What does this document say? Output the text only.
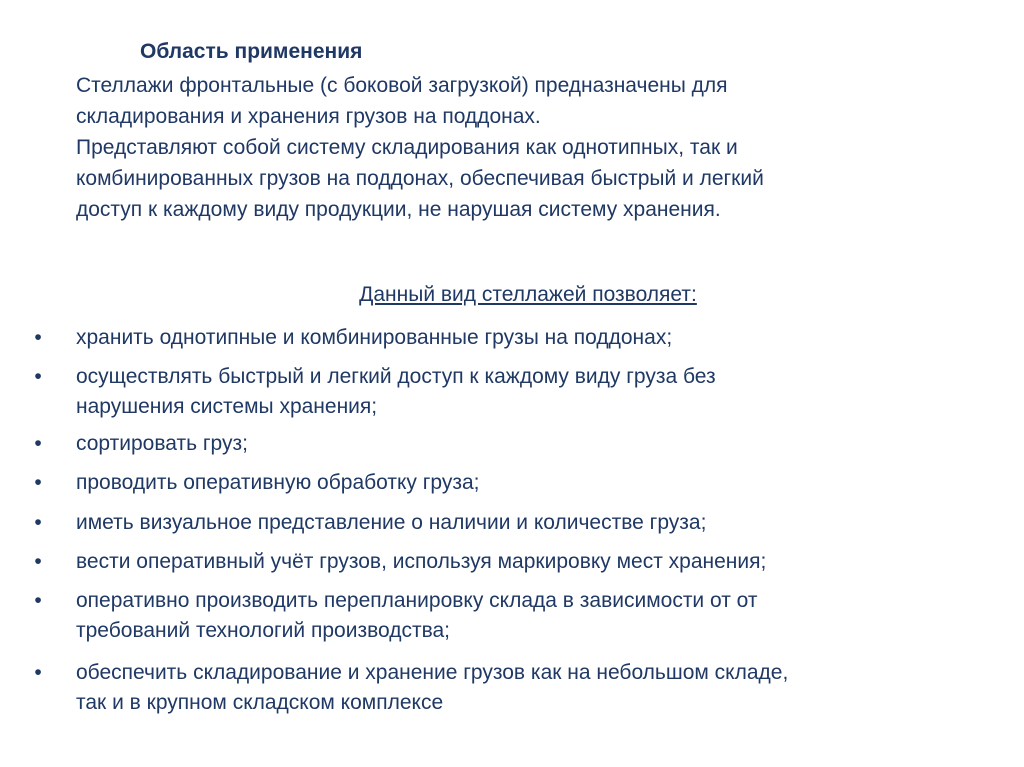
Область применения
Стеллажи фронтальные (с боковой загрузкой) предназначены для
складирования и хранения грузов на поддонах.
Представляют собой систему складирования как однотипных, так и
комбинированных грузов на поддонах, обеспечивая быстрый и легкий
доступ к каждому виду продукции, не нарушая систему хранения.
Данный вид стеллажей позволяет:
• хранить однотипные и комбинированные грузы на поддонах;
• осуществлять быстрый и легкий доступ к каждому виду груза без
нарушения системы хранения;
• сортировать груз;
• проводить оперативную обработку груза;
• иметь визуальное представление о наличии и количестве груза;
• вести оперативный учёт грузов, используя маркировку мест хранения;
• оперативно производить перепланировку склада в зависимости от от
требований технологий производства;
• обеспечить складирование и хранение грузов как на небольшом складе,
так и в крупном складском комплексе
